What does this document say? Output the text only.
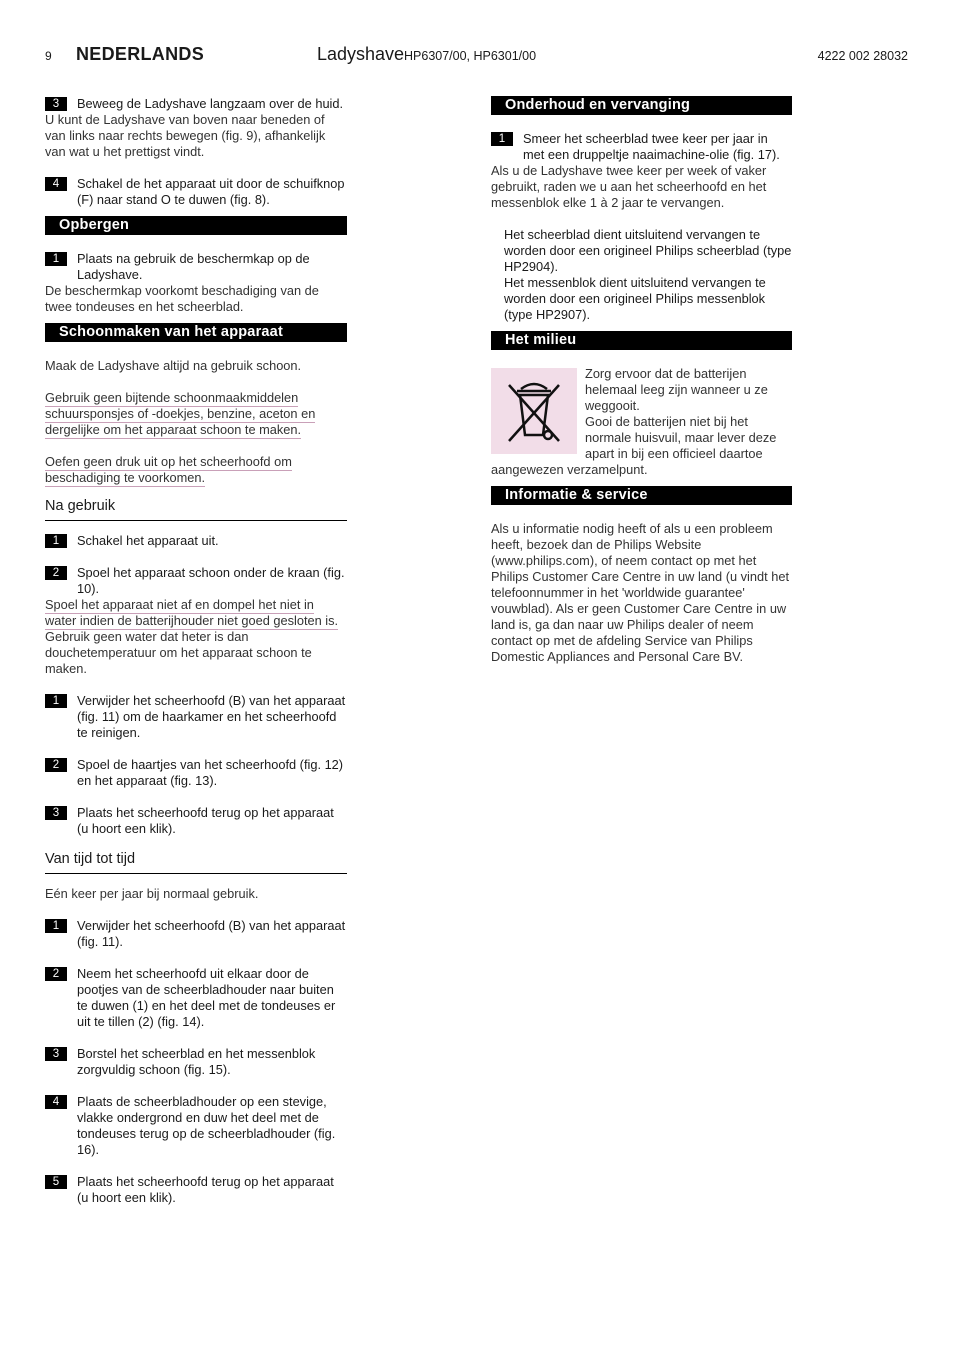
9 NEDERLANDS	Ladyshave HP6307/00, HP6301/00	4222 002 28032
3	Beweeg de Ladyshave langzaam over de huid.
U kunt de Ladyshave van boven naar beneden of van links naar rechts bewegen (fig. 9), afhankelijk van wat u het prettigst vindt.
4	Schakel de het apparaat uit door de schuifknop (F) naar stand O te duwen (fig. 8).
Opbergen
1	Plaats na gebruik de beschermkap op de Ladyshave.
De beschermkap voorkomt beschadiging van de twee tondeuses en het scheerblad.
Schoonmaken van het apparaat
Maak de Ladyshave altijd na gebruik schoon.
Gebruik geen bijtende schoonmaakmiddelen schuursponsjes of -doekjes, benzine, aceton en dergelijke om het apparaat schoon te maken.
Oefen geen druk uit op het scheerhoofd om beschadiging te voorkomen.
Na gebruik
1	Schakel het apparaat uit.
2	Spoel het apparaat schoon onder de kraan (fig. 10).
Spoel het apparaat niet af en dompel het niet in water indien de batterijhouder niet goed gesloten is.
Gebruik geen water dat heter is dan douchetemperatuur om het apparaat schoon te maken.
1	Verwijder het scheerhoofd (B) van het apparaat (fig. 11) om de haarkamer en het scheerhoofd te reinigen.
2	Spoel de haartjes van het scheerhoofd (fig. 12) en het apparaat (fig. 13).
3	Plaats het scheerhoofd terug op het apparaat (u hoort een klik).
Van tijd tot tijd
Eén keer per jaar bij normaal gebruik.
1	Verwijder het scheerhoofd (B) van het apparaat (fig. 11).
2	Neem het scheerhoofd uit elkaar door de pootjes van de scheerbladhouder naar buiten te duwen (1) en het deel met de tondeuses er uit te tillen (2) (fig. 14).
3	Borstel het scheerblad en het messenblok zorgvuldig schoon (fig. 15).
4	Plaats de scheerbladhouder op een stevige, vlakke ondergrond en duw het deel met de tondeuses terug op de scheerbladhouder (fig. 16).
5	Plaats het scheerhoofd terug op het apparaat (u hoort een klik).
Onderhoud en vervanging
1	Smeer het scheerblad twee keer per jaar in met een druppeltje naaimachine-olie (fig. 17).
Als u de Ladyshave twee keer per week of vaker gebruikt, raden we u aan het scheerhoofd en het messenblok elke 1 à 2 jaar te vervangen.
Het scheerblad dient uitsluitend vervangen te worden door een origineel Philips scheerblad (type HP2904).
Het messenblok dient uitsluitend vervangen te worden door een origineel Philips messenblok (type HP2907).
Het milieu
Zorg ervoor dat de batterijen helemaal leeg zijn wanneer u ze weggooit.
Gooi de batterijen niet bij het normale huisvuil, maar lever deze apart in bij een officieel daartoe aangewezen verzamelpunt.
Informatie & service
Als u informatie nodig heeft of als u een probleem heeft, bezoek dan de Philips Website (www.philips.com), of neem contact op met het Philips Customer Care Centre in uw land (u vindt het telefoonnummer in het 'worldwide guarantee' vouwblad). Als er geen Customer Care Centre in uw land is, ga dan naar uw Philips dealer of neem contact op met de afdeling Service van Philips Domestic Appliances and Personal Care BV.
